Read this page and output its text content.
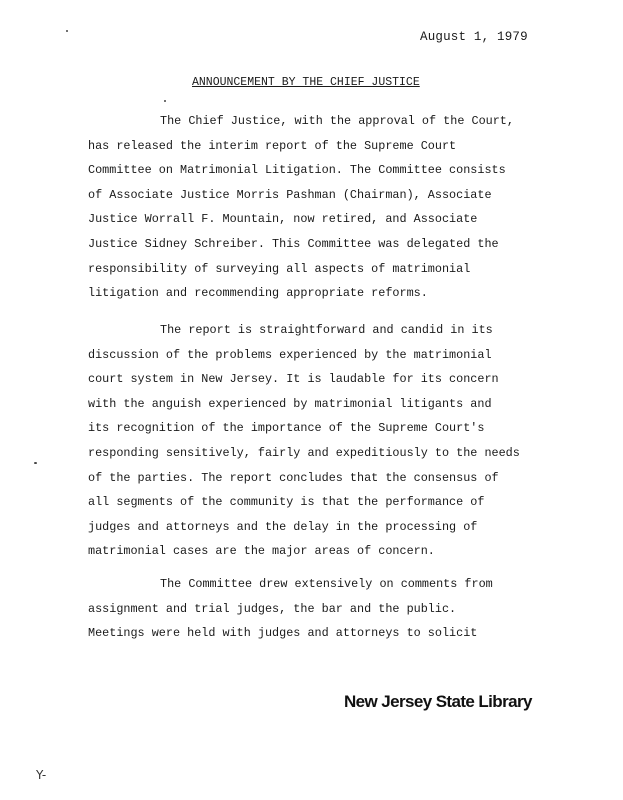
August 1, 1979
ANNOUNCEMENT BY THE CHIEF JUSTICE
The Chief Justice, with the approval of the Court,
has released the interim report of the Supreme Court
Committee on Matrimonial Litigation. The Committee consists
of Associate Justice Morris Pashman (Chairman), Associate
Justice Worrall F. Mountain, now retired, and Associate
Justice Sidney Schreiber. This Committee was delegated the
responsibility of surveying all aspects of matrimonial
litigation and recommending appropriate reforms.
The report is straightforward and candid in its
discussion of the problems experienced by the matrimonial
court system in New Jersey. It is laudable for its concern
with the anguish experienced by matrimonial litigants and
its recognition of the importance of the Supreme Court's
responding sensitively, fairly and expeditiously to the needs
of the parties. The report concludes that the consensus of
all segments of the community is that the performance of
judges and attorneys and the delay in the processing of
matrimonial cases are the major areas of concern.
The Committee drew extensively on comments from
assignment and trial judges, the bar and the public.
Meetings were held with judges and attorneys to solicit
New Jersey State Library
Y-
